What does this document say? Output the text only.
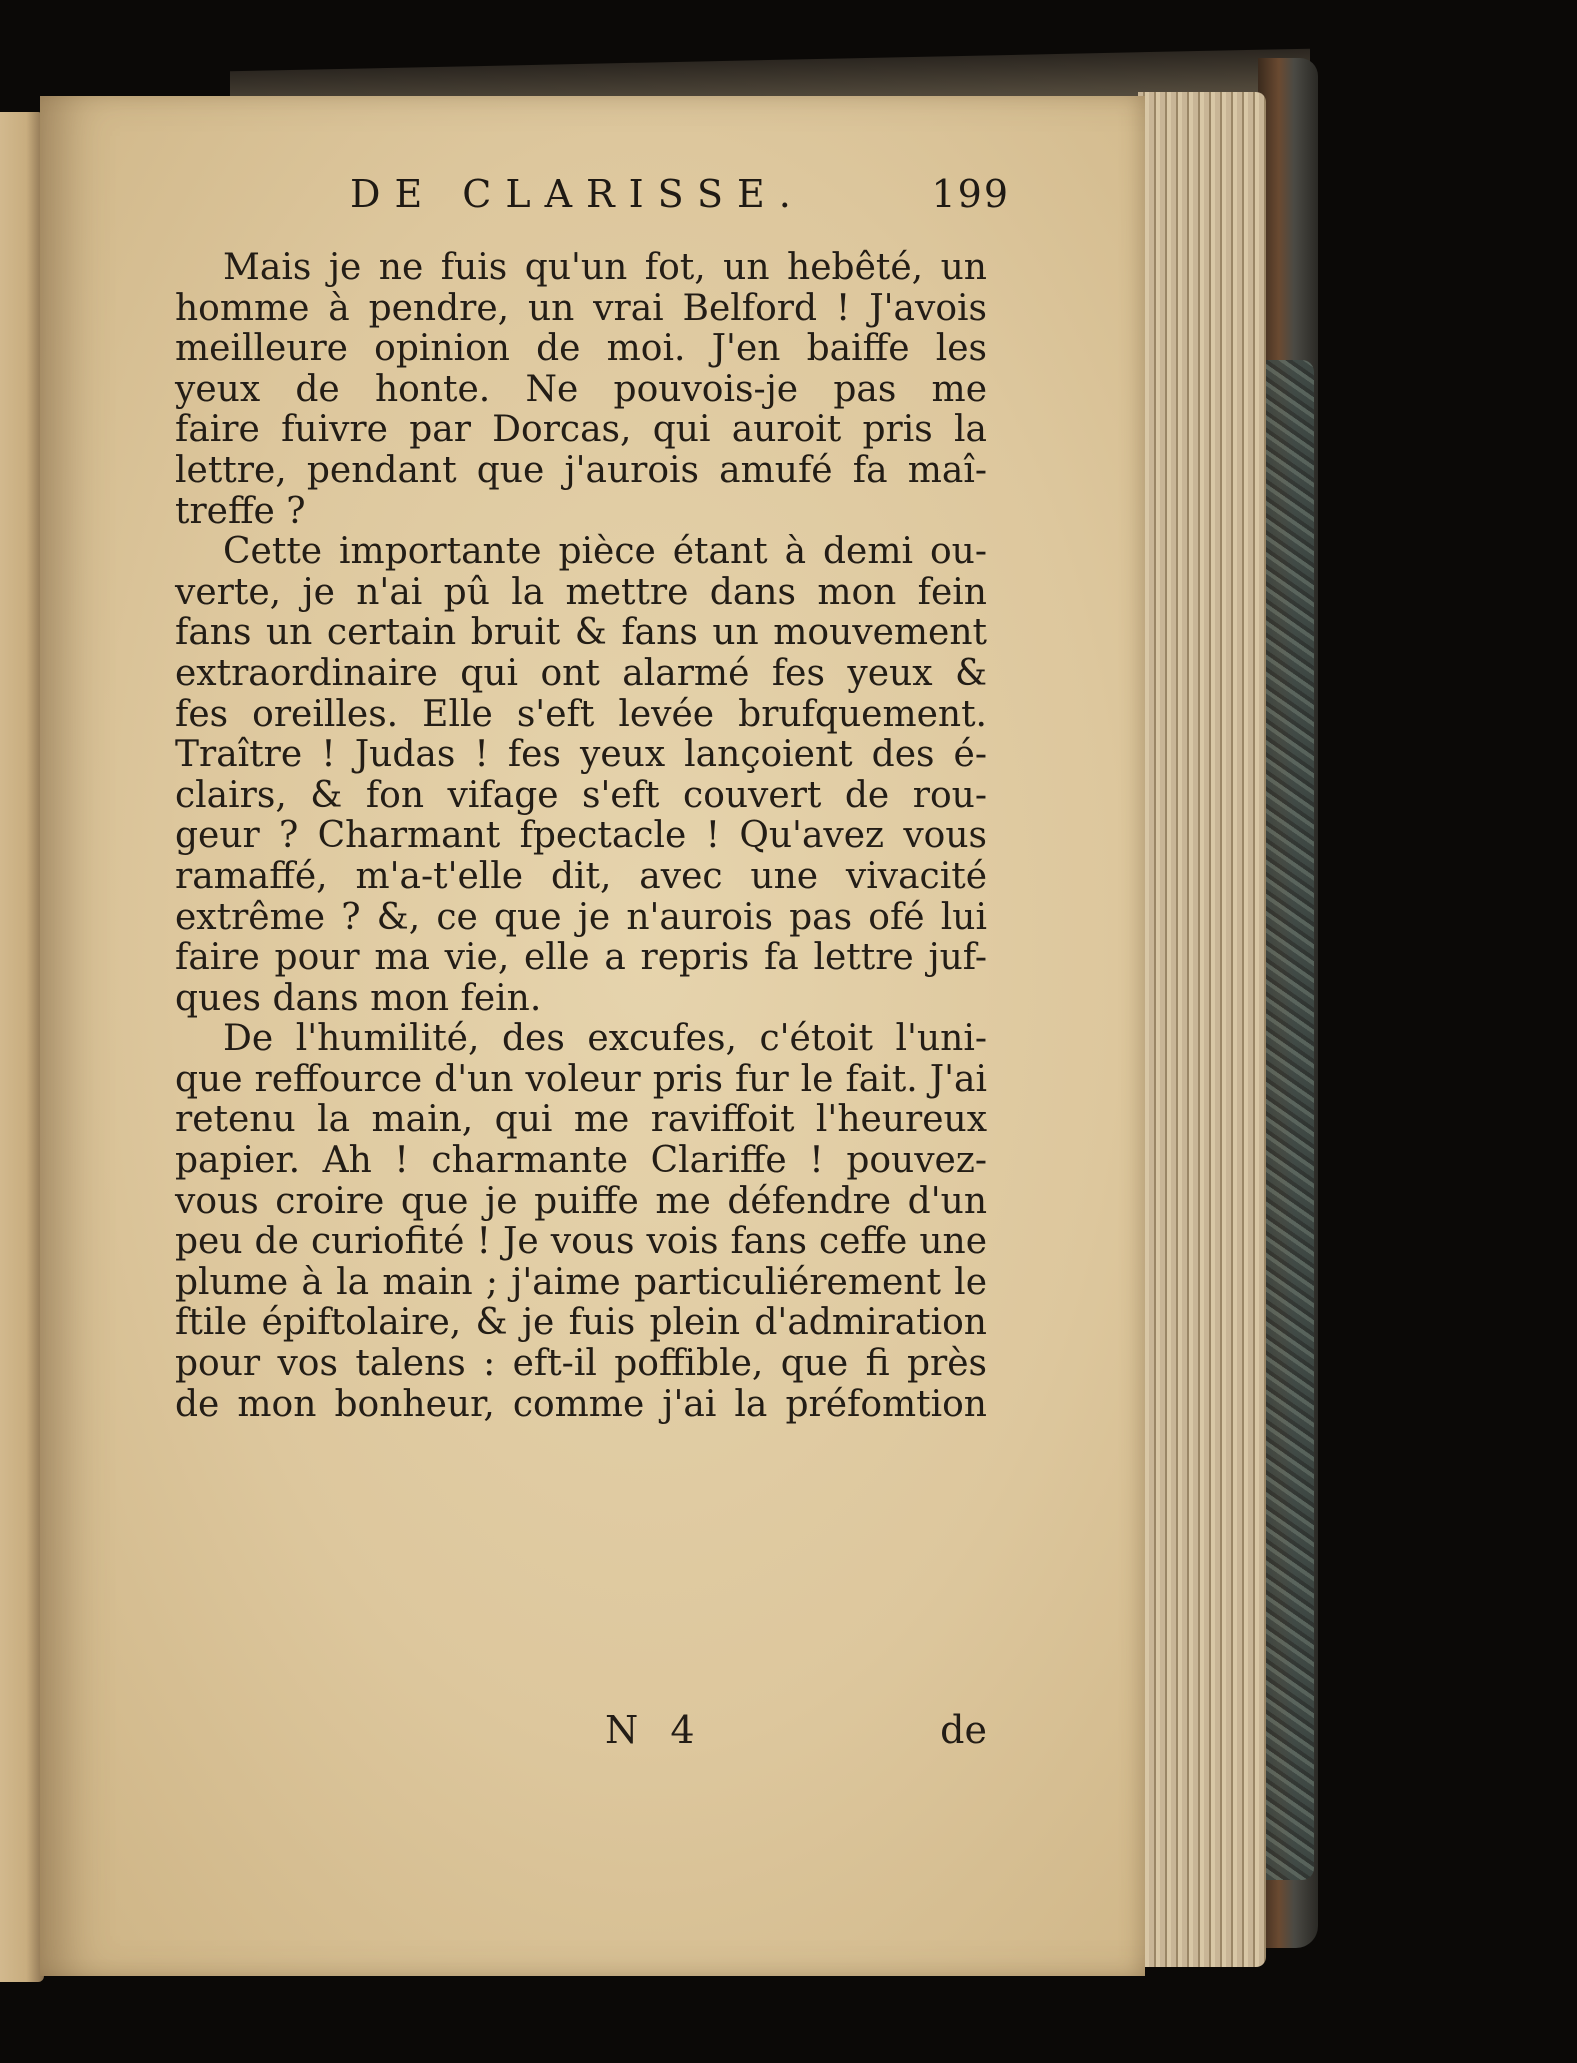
DE CLARISSE.	199
Mais je ne fuis qu'un fot, un hebêté, un
homme à pendre, un vrai Belford ! J'avois
meilleure opinion de moi. J'en baiffe les
yeux de honte. Ne pouvois-je pas me
faire fuivre par Dorcas, qui auroit pris la
lettre, pendant que j'aurois amufé fa maî-
treffe ?
Cette importante pièce étant à demi ou-
verte, je n'ai pû la mettre dans mon fein
fans un certain bruit & fans un mouvement
extraordinaire qui ont alarmé fes yeux &
fes oreilles. Elle s'eft levée brufquement.
Traître ! Judas ! fes yeux lançoient des é-
clairs, & fon vifage s'eft couvert de rou-
geur ? Charmant fpectacle ! Qu'avez vous
ramaffé, m'a-t'elle dit, avec une vivacité
extrême ? &, ce que je n'aurois pas ofé lui
faire pour ma vie, elle a repris fa lettre juf-
ques dans mon fein.
De l'humilité, des excufes, c'étoit l'uni-
que reffource d'un voleur pris fur le fait. J'ai
retenu la main, qui me raviffoit l'heureux
papier. Ah ! charmante Clariffe ! pouvez-
vous croire que je puiffe me défendre d'un
peu de curiofité ! Je vous vois fans ceffe une
plume à la main ; j'aime particuliérement le
ftile épiftolaire, & je fuis plein d'admiration
pour vos talens : eft-il poffible, que fi près
de mon bonheur, comme j'ai la préfomtion
N 4	de
